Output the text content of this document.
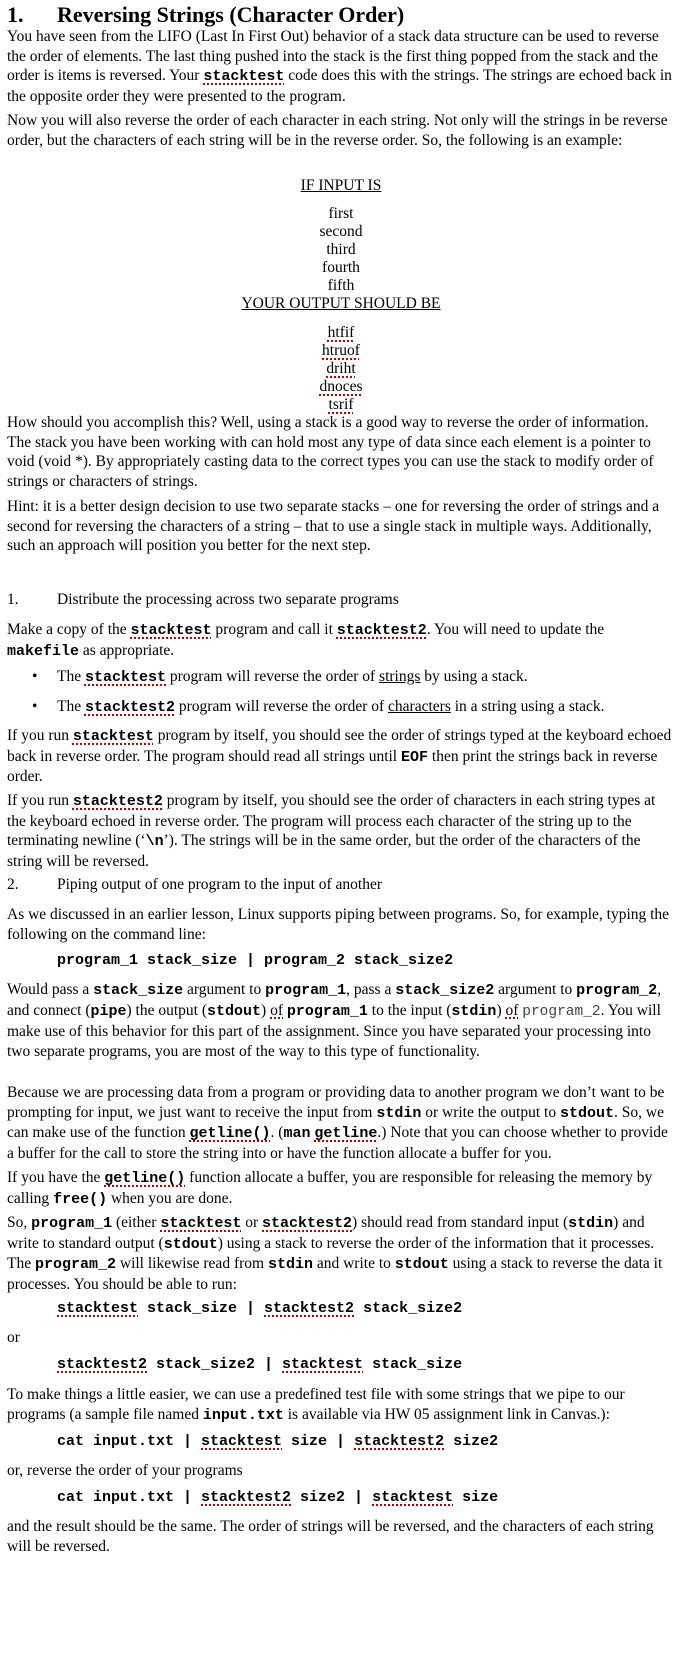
1. Reversing Strings (Character Order)

You have seen from the LIFO (Last In First Out) behavior of a stack data structure can be used to reverse the order of elements. The last thing pushed into the stack is the first thing popped from the stack and the order is items is reversed. Your stacktest code does this with the strings. The strings are echoed back in the opposite order they were presented to the program.

Now you will also reverse the order of each character in each string. Not only will the strings in be reverse order, but the characters of each string will be in the reverse order. So, the following is an example:

IF INPUT IS
first
second
third
fourth
fifth
YOUR OUTPUT SHOULD BE
htfif
htruof
driht
dnoces
tsrif

How should you accomplish this? Well, using a stack is a good way to reverse the order of information. The stack you have been working with can hold most any type of data since each element is a pointer to void (void *). By appropriately casting data to the correct types you can use the stack to modify order of strings or characters of strings.

Hint: it is a better design decision to use two separate stacks – one for reversing the order of strings and a second for reversing the characters of a string – that to use a single stack in multiple ways. Additionally, such an approach will position you better for the next step.

1. Distribute the processing across two separate programs

Make a copy of the stacktest program and call it stacktest2. You will need to update the makefile as appropriate.

• The stacktest program will reverse the order of strings by using a stack.
• The stacktest2 program will reverse the order of characters in a string using a stack.

If you run stacktest program by itself, you should see the order of strings typed at the keyboard echoed back in reverse order. The program should read all strings until EOF then print the strings back in reverse order.

If you run stacktest2 program by itself, you should see the order of characters in each string types at the keyboard echoed in reverse order. The program will process each character of the string up to the terminating newline (‘\n’). The strings will be in the same order, but the order of the characters of the string will be reversed.

2. Piping output of one program to the input of another

As we discussed in an earlier lesson, Linux supports piping between programs. So, for example, typing the following on the command line:

program_1 stack_size | program_2 stack_size2

Would pass a stack_size argument to program_1, pass a stack_size2 argument to program_2, and connect (pipe) the output (stdout) of program_1 to the input (stdin) of program_2. You will make use of this behavior for this part of the assignment. Since you have separated your processing into two separate programs, you are most of the way to this type of functionality.

Because we are processing data from a program or providing data to another program we don’t want to be prompting for input, we just want to receive the input from stdin or write the output to stdout. So, we can make use of the function getline(). (man getline.) Note that you can choose whether to provide a buffer for the call to store the string into or have the function allocate a buffer for you.

If you have the getline() function allocate a buffer, you are responsible for releasing the memory by calling free() when you are done.

So, program_1 (either stacktest or stacktest2) should read from standard input (stdin) and write to standard output (stdout) using a stack to reverse the order of the information that it processes. The program_2 will likewise read from stdin and write to stdout using a stack to reverse the data it processes. You should be able to run:

stacktest stack_size | stacktest2 stack_size2
or
stacktest2 stack_size2 | stacktest stack_size

To make things a little easier, we can use a predefined test file with some strings that we pipe to our programs (a sample file named input.txt is available via HW 05 assignment link in Canvas.):

cat input.txt | stacktest size | stacktest2 size2
or, reverse the order of your programs
cat input.txt | stacktest2 size2 | stacktest size

and the result should be the same. The order of strings will be reversed, and the characters of each string will be reversed.
